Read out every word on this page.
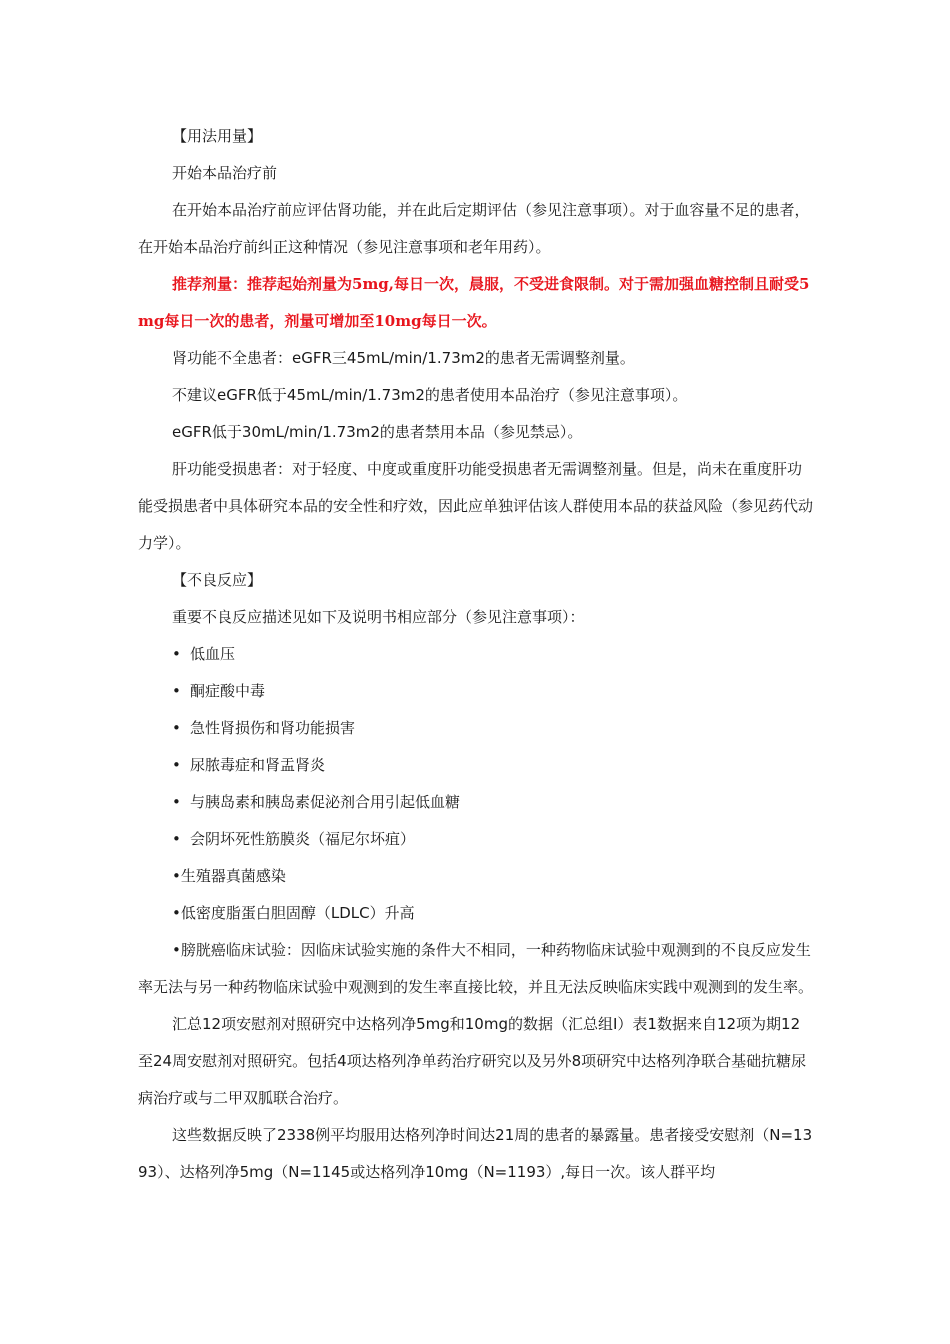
【用法用量】

开始本品治疗前

在开始本品治疗前应评估肾功能，并在此后定期评估（参见注意事项）。对于血容量不足的患者，在开始本品治疗前纠正这种情况（参见注意事项和老年用药）。

推荐剂量：推荐起始剂量为5mg,每日一次，晨服，不受进食限制。对于需加强血糖控制且耐受5mg每日一次的患者，剂量可增加至10mg每日一次。

肾功能不全患者：eGFR三45mL/min/1.73m2的患者无需调整剂量。

不建议eGFR低于45mL/min/1.73m2的患者使用本品治疗（参见注意事项）。

eGFR低于30mL/min/1.73m2的患者禁用本品（参见禁忌）。

肝功能受损患者：对于轻度、中度或重度肝功能受损患者无需调整剂量。但是，尚未在重度肝功能受损患者中具体研究本品的安全性和疗效，因此应单独评估该人群使用本品的获益风险（参见药代动力学）。

【不良反应】

重要不良反应描述见如下及说明书相应部分（参见注意事项）：

• 低血压

• 酮症酸中毒

• 急性肾损伤和肾功能损害

• 尿脓毒症和肾盂肾炎

• 与胰岛素和胰岛素促泌剂合用引起低血糖

• 会阴坏死性筋膜炎（福尼尔坏疽）

•生殖器真菌感染

•低密度脂蛋白胆固醇（LDLC）升高

•膀胱癌临床试验：因临床试验实施的条件大不相同，一种药物临床试验中观测到的不良反应发生率无法与另一种药物临床试验中观测到的发生率直接比较，并且无法反映临床实践中观测到的发生率。

汇总12项安慰剂对照研究中达格列净5mg和10mg的数据（汇总组I）表1数据来自12项为期12至24周安慰剂对照研究。包括4项达格列净单药治疗研究以及另外8项研究中达格列净联合基础抗糖尿病治疗或与二甲双胍联合治疗。

这些数据反映了2338例平均服用达格列净时间达21周的患者的暴露量。患者接受安慰剂（N=1393）、达格列净5mg（N=1145或达格列净10mg（N=1193）,每日一次。该人群平均
